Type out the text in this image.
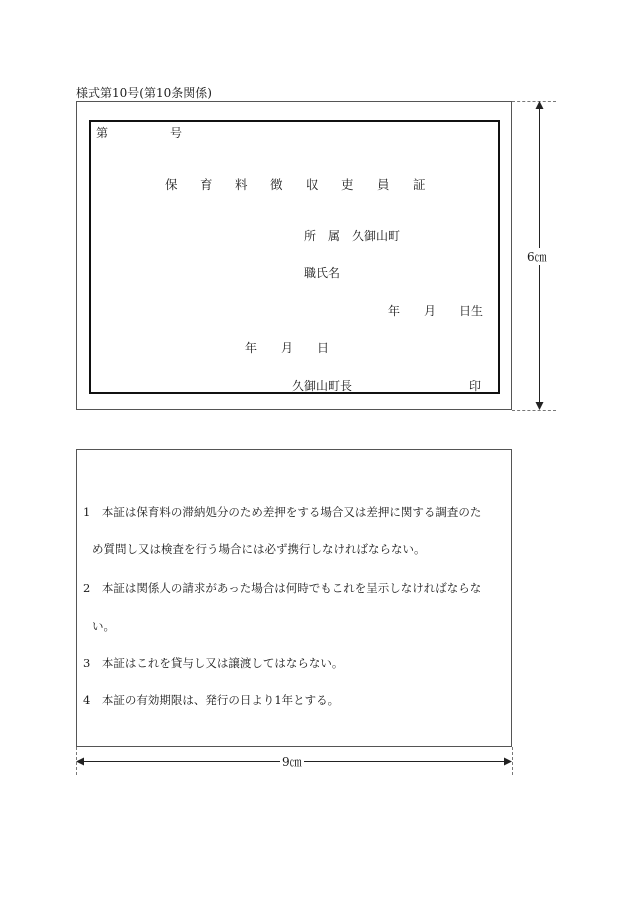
様式第10号(第10条関係)
第	号
保 育 料 徴 収 吏 員 証
所　属 久御山町
職氏名
年 月 日生
年 月 日
久御山町長	印
6㎝
1　本証は保育料の滞納処分のため差押をする場合又は差押に関する調査のた
め質問し又は検査を行う場合には必ず携行しなければならない。
2　本証は関係人の請求があった場合は何時でもこれを呈示しなければならな
い。
3　本証はこれを貸与し又は譲渡してはならない。
4　本証の有効期限は、発行の日より1年とする。
9㎝
